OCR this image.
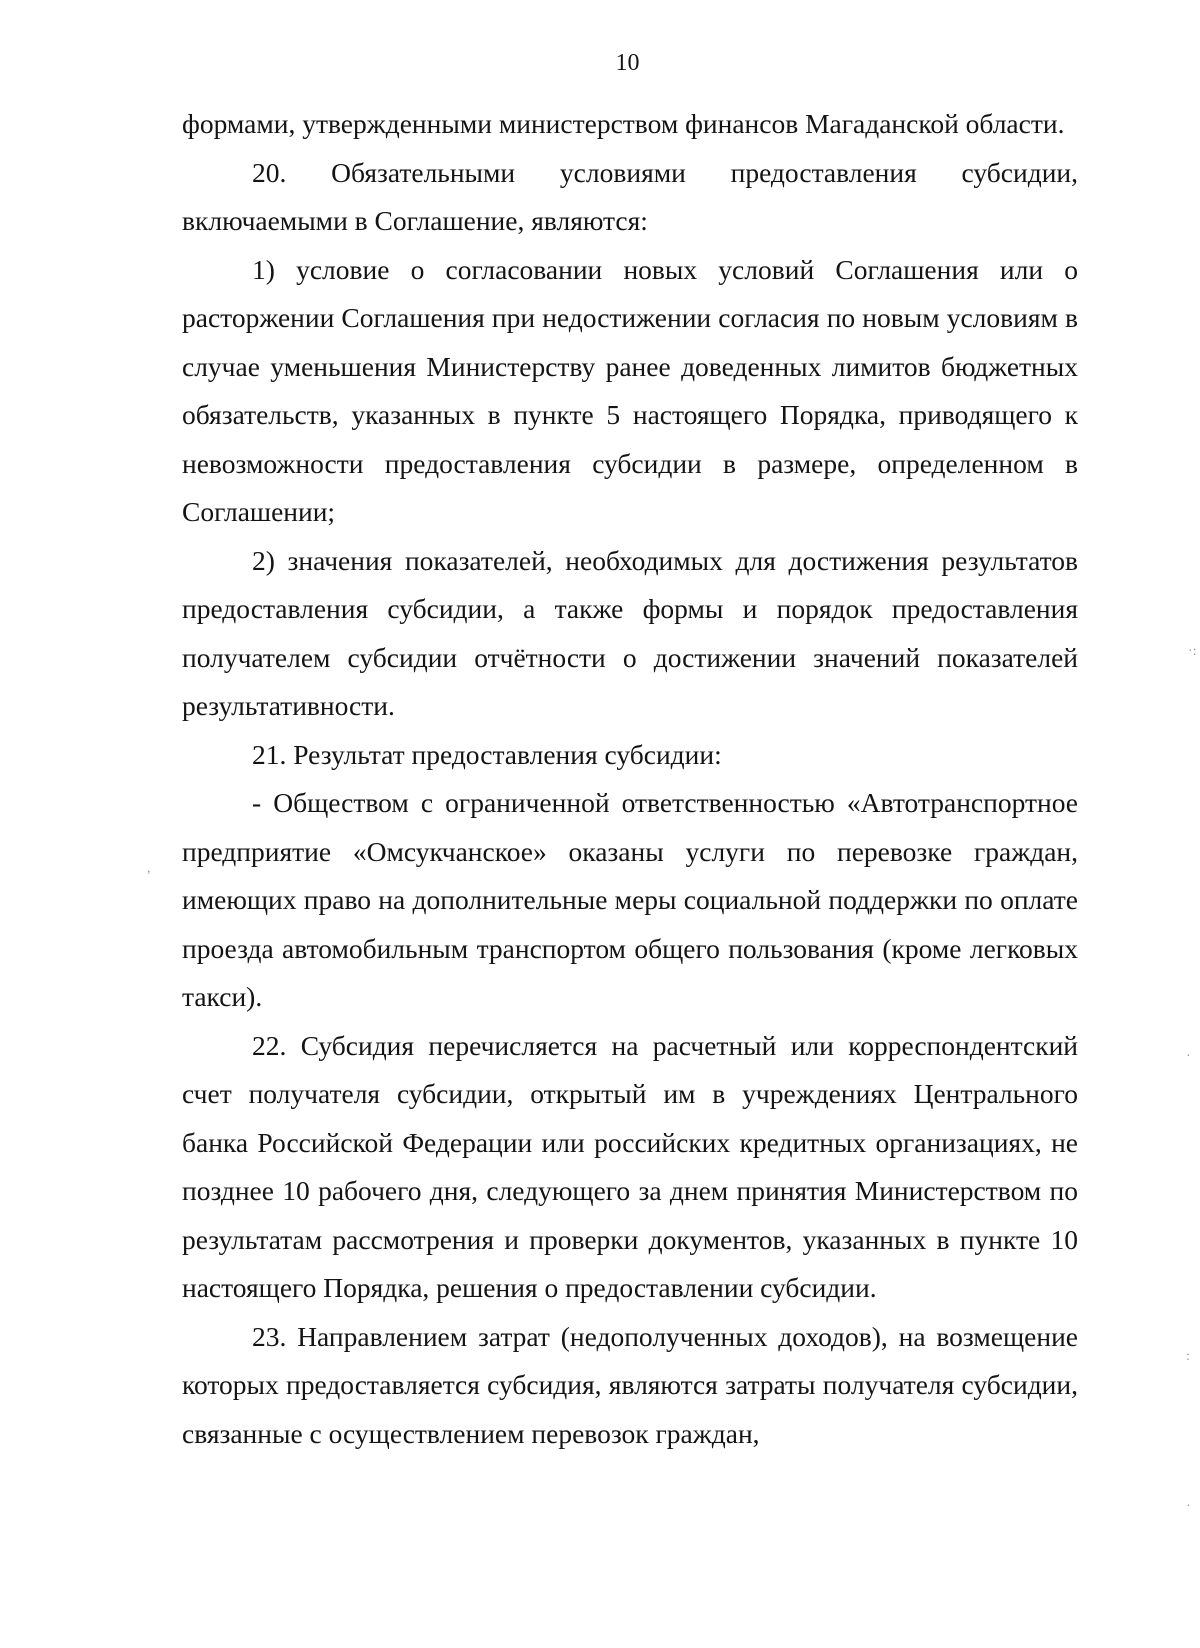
10

формами, утвержденными министерством финансов Магаданской области.

20. Обязательными условиями предоставления субсидии, включаемыми в Соглашение, являются:

1) условие о согласовании новых условий Соглашения или о расторжении Соглашения при недостижении согласия по новым условиям в случае уменьшения Министерству ранее доведенных лимитов бюджетных обязательств, указанных в пункте 5 настоящего Порядка, приводящего к невозможности предоставления субсидии в размере, определенном в Соглашении;

2) значения показателей, необходимых для достижения результатов предоставления субсидии, а также формы и порядок предоставления получателем субсидии отчётности о достижении значений показателей результативности.

21. Результат предоставления субсидии:

- Обществом с ограниченной ответственностью «Автотранспортное предприятие «Омсукчанское» оказаны услуги по перевозке граждан, имеющих право на дополнительные меры социальной поддержки по оплате проезда автомобильным транспортом общего пользования (кроме легковых такси).

22. Субсидия перечисляется на расчетный или корреспондентский счет получателя субсидии, открытый им в учреждениях Центрального банка Российской Федерации или российских кредитных организациях, не позднее 10 рабочего дня, следующего за днем принятия Министерством по результатам рассмотрения и проверки документов, указанных в пункте 10 настоящего Порядка, решения о предоставлении субсидии.

23. Направлением затрат (недополученных доходов), на возмещение которых предоставляется субсидия, являются затраты получателя субсидии, связанные с осуществлением перевозок граждан,

·:
,
·
:
·
